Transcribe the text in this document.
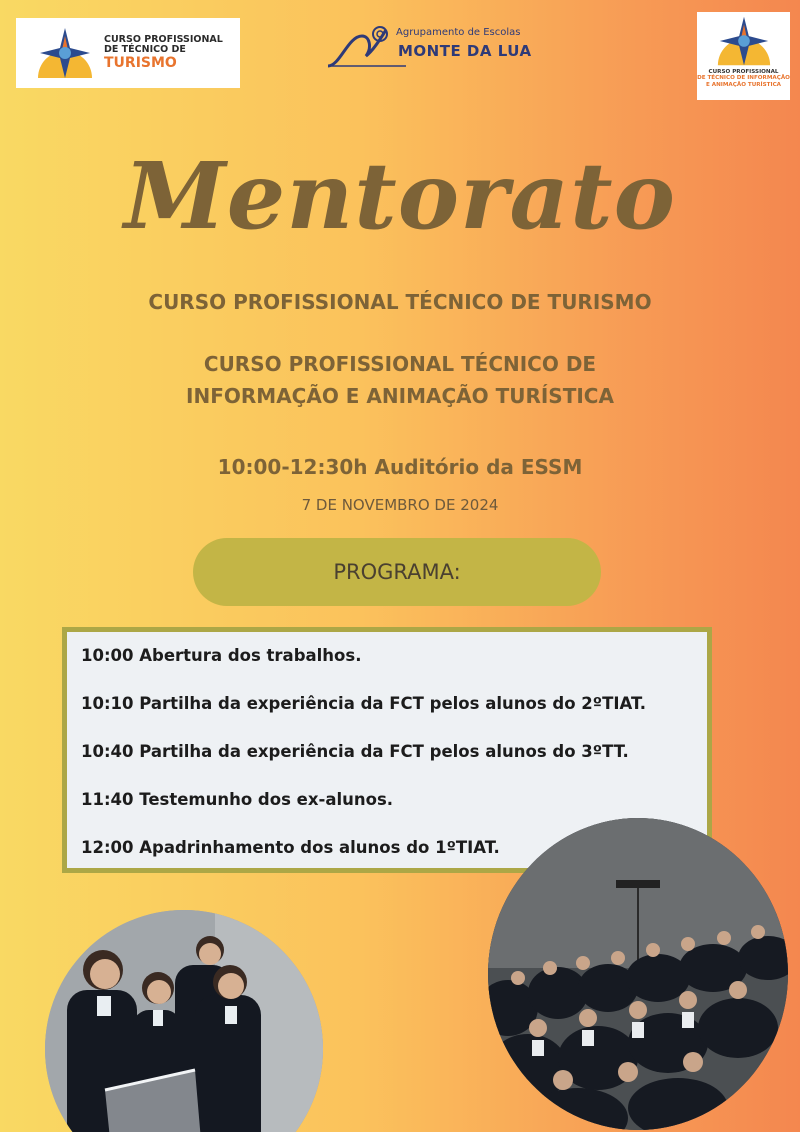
CURSO PROFISSIONAL
DE TÉCNICO DE
TURISMO
Agrupamento de Escolas
MONTE DA LUA
CURSO PROFISSIONAL
DE TÉCNICO DE INFORMAÇÃO
E ANIMAÇÃO TURÍSTICA
Mentorato
CURSO PROFISSIONAL TÉCNICO DE TURISMO
CURSO PROFISSIONAL TÉCNICO DE
INFORMAÇÃO E ANIMAÇÃO TURÍSTICA
10:00-12:30h Auditório da ESSM
7 DE NOVEMBRO DE 2024
PROGRAMA:
10:00 Abertura dos trabalhos.
10:10 Partilha da experiência da FCT pelos alunos do 2ºTIAT.
10:40 Partilha da experiência da FCT pelos alunos do 3ºTT.
11:40 Testemunho dos ex-alunos.
12:00 Apadrinhamento dos alunos do 1ºTIAT.
